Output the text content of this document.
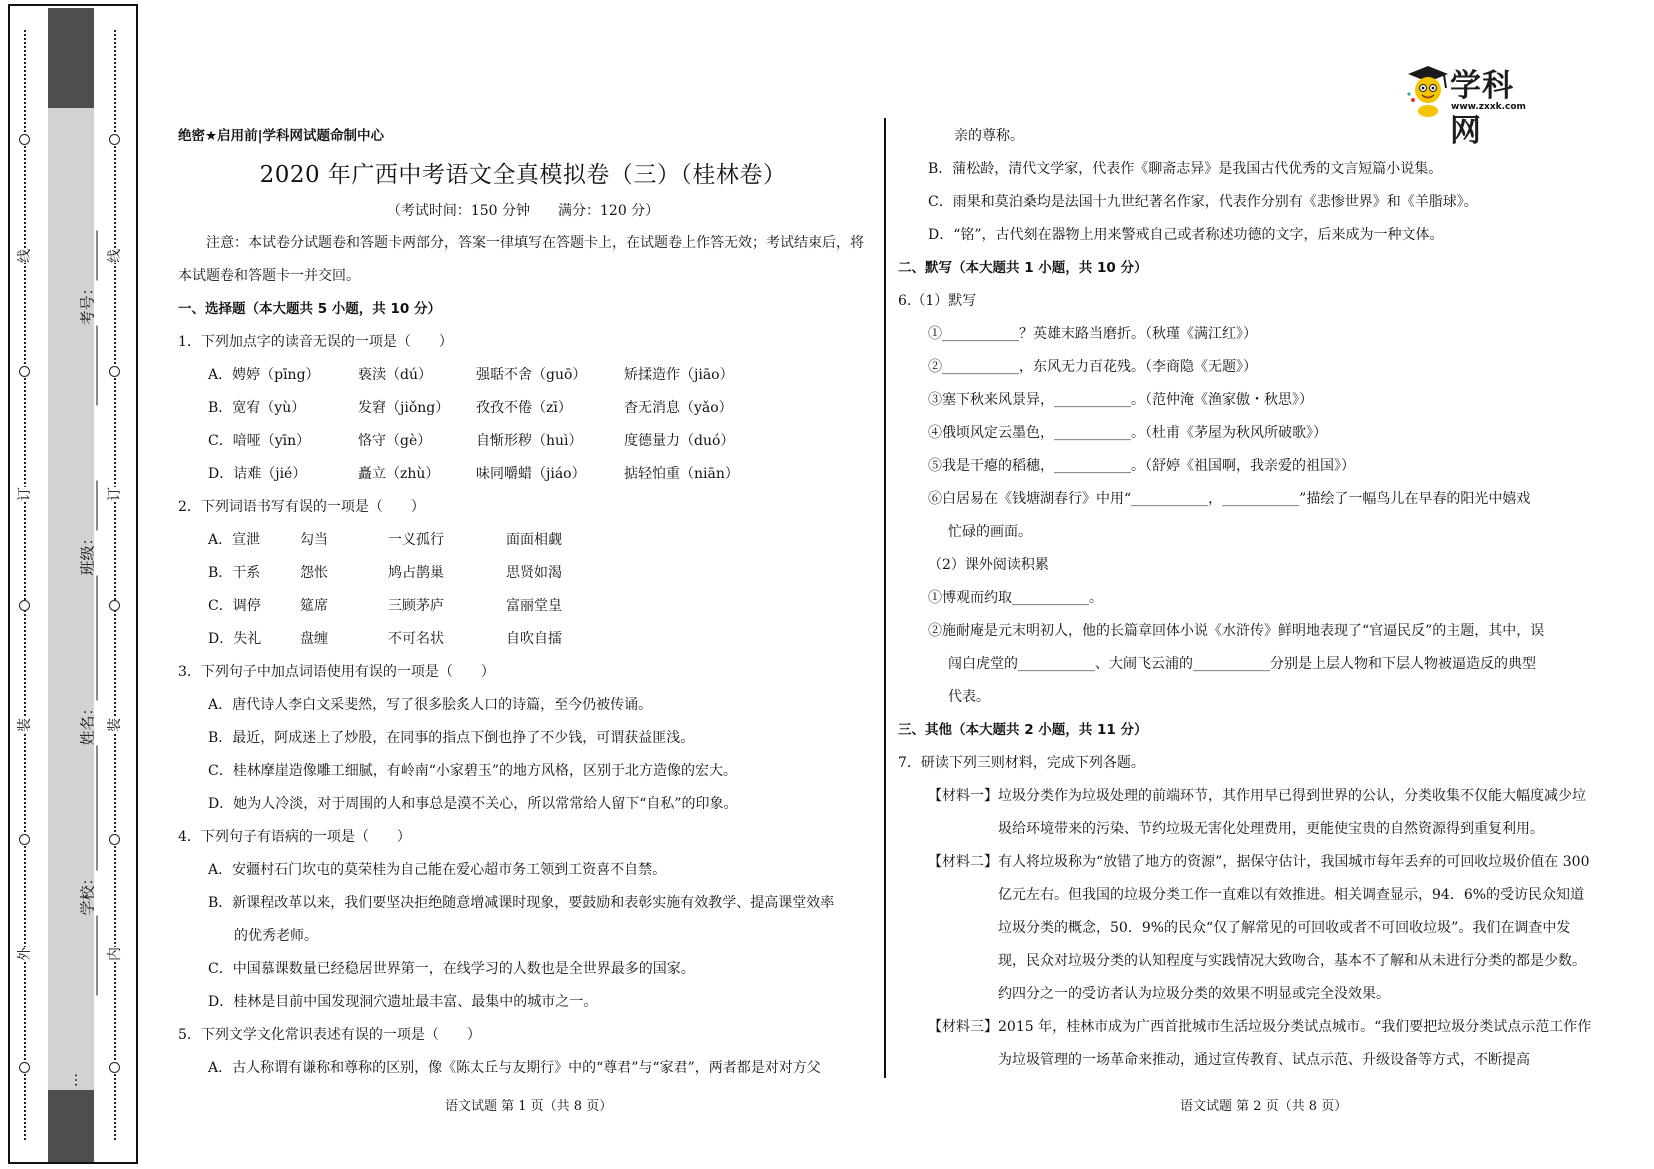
线
订
装
外
线
订
装
内
考号：
班级：
姓名：
学校：
…
学科网
www.zxxk.com
绝密★启用前|学科网试题命制中心
2020 年广西中考语文全真模拟卷（三）（桂林卷）
（考试时间：150 分钟　　满分：120 分）
注意：本试卷分试题卷和答题卡两部分，答案一律填写在答题卡上，在试题卷上作答无效；考试结束后，将本试题卷和答题卡一并交回。
一、选择题（本大题共 5 小题，共 10 分）
1．下列加点字的读音无误的一项是（　　）
A．娉婷（pīng）	亵渎（dú）	强聒不舍（guō）	矫揉造作（jiāo）
B．宽宥（yù）	发窘（jiǒng）	孜孜不倦（zī）	杳无消息（yǎo）
C．喑哑（yīn）	恪守（gè）	自惭形秽（huì）	度德量力（duó）
D．诘难（jié）	矗立（zhù）	味同嚼蜡（jiáo）	掂轻怕重（niān）
2．下列词语书写有误的一项是（　　）
A．宣泄	勾当	一义孤行	面面相觑
B．干系	怨怅	鸠占鹊巢	思贤如渴
C．调停	筵席	三顾茅庐	富丽堂皇
D．失礼	盘缠	不可名状	自吹自擂
3．下列句子中加点词语使用有误的一项是（　　）
A．唐代诗人李白文采斐然，写了很多脍炙人口的诗篇，至今仍被传诵。
B．最近，阿成迷上了炒股，在同事的指点下倒也挣了不少钱，可谓获益匪浅。
C．桂林摩崖造像雕工细腻，有岭南“小家碧玉”的地方风格，区别于北方造像的宏大。
D．她为人冷淡，对于周围的人和事总是漠不关心，所以常常给人留下“自私”的印象。
4．下列句子有语病的一项是（　　）
A．安疆村石门坎屯的莫荣桂为自己能在爱心超市务工领到工资喜不自禁。
B．新课程改革以来，我们要坚决拒绝随意增减课时现象，要鼓励和表彰实施有效教学、提高课堂效率
的优秀老师。
C．中国慕课数量已经稳居世界第一，在线学习的人数也是全世界最多的国家。
D．桂林是目前中国发现洞穴遗址最丰富、最集中的城市之一。
5．下列文学文化常识表述有误的一项是（　　）
A．古人称谓有谦称和尊称的区别，像《陈太丘与友期行》中的“尊君”与“家君”，两者都是对对方父
亲的尊称。
B．蒲松龄，清代文学家，代表作《聊斋志异》是我国古代优秀的文言短篇小说集。
C．雨果和莫泊桑均是法国十九世纪著名作家，代表作分别有《悲惨世界》和《羊脂球》。
D．“铭”，古代刻在器物上用来警戒自己或者称述功德的文字，后来成为一种文体。
二、默写（本大题共 1 小题，共 10 分）
6.（1）默写
①___________？英雄末路当磨折。（秋瑾《满江红》）
②___________，东风无力百花残。（李商隐《无题》）
③塞下秋来风景异，___________。（范仲淹《渔家傲・秋思》）
④俄顷风定云墨色，___________。（杜甫《茅屋为秋风所破歌》）
⑤我是干瘪的稻穗，___________。（舒婷《祖国啊，我亲爱的祖国》）
⑥白居易在《钱塘湖春行》中用“___________，___________”描绘了一幅鸟儿在早春的阳光中嬉戏
忙碌的画面。
（2）课外阅读积累
①博观而约取___________。
②施耐庵是元末明初人，他的长篇章回体小说《水浒传》鲜明地表现了“官逼民反”的主题，其中，误
闯白虎堂的___________、大闹飞云浦的___________分别是上层人物和下层人物被逼造反的典型
代表。
三、其他（本大题共 2 小题，共 11 分）
7．研读下列三则材料，完成下列各题。
【材料一】 垃圾分类作为垃圾处理的前端环节，其作用早已得到世界的公认，分类收集不仅能大幅度减少垃圾给环境带来的污染、节约垃圾无害化处理费用，更能使宝贵的自然资源得到重复利用。
【材料二】 有人将垃圾称为“放错了地方的资源”，据保守估计，我国城市每年丢弃的可回收垃圾价值在 300 亿元左右。但我国的垃圾分类工作一直难以有效推进。相关调查显示，94．6%的受访民众知道垃圾分类的概念，50．9%的民众“仅了解常见的可回收或者不可回收垃圾”。我们在调查中发现，民众对垃圾分类的认知程度与实践情况大致吻合，基本不了解和从未进行分类的都是少数。约四分之一的受访者认为垃圾分类的效果不明显或完全没效果。
【材料三】 2015 年，桂林市成为广西首批城市生活垃圾分类试点城市。“我们要把垃圾分类试点示范工作作为垃圾管理的一场革命来推动，通过宣传教育、试点示范、升级设备等方式，不断提高
语文试题 第 1 页（共 8 页）	语文试题 第 2 页（共 8 页）
